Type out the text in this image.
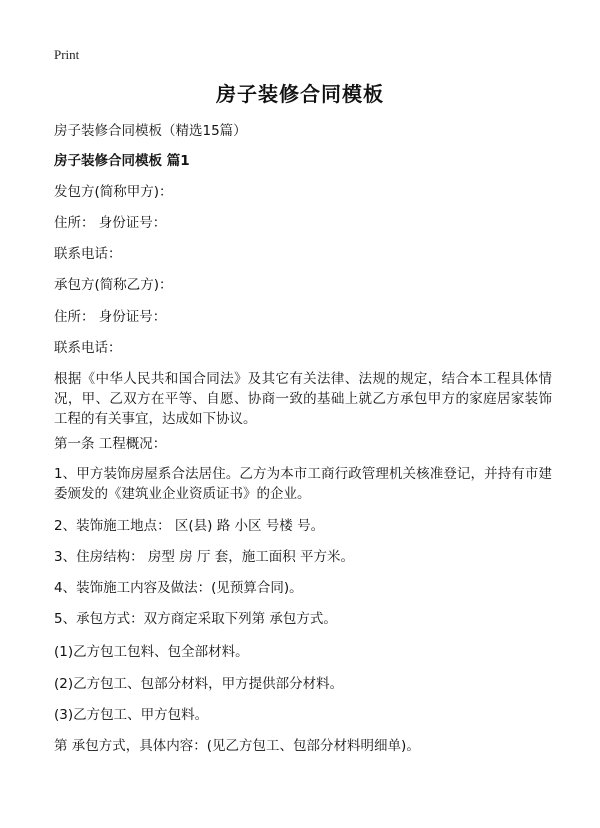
Print
房子装修合同模板
房子装修合同模板（精选15篇）
房子装修合同模板 篇1
发包方(简称甲方)：
住所： 身份证号：
联系电话：
承包方(简称乙方)：
住所： 身份证号：
联系电话：
根据《中华人民共和国合同法》及其它有关法律、法规的规定，结合本工程具体情况，甲、乙双方在平等、自愿、协商一致的基础上就乙方承包甲方的家庭居家装饰工程的有关事宜，达成如下协议。
第一条 工程概况：
1、甲方装饰房屋系合法居住。乙方为本市工商行政管理机关核准登记，并持有市建委颁发的《建筑业企业资质证书》的企业。
2、装饰施工地点： 区(县) 路 小区 号楼 号。
3、住房结构： 房型 房 厅 套，施工面积 平方米。
4、装饰施工内容及做法：(见预算合同)。
5、承包方式：双方商定采取下列第 承包方式。
(1)乙方包工包料、包全部材料。
(2)乙方包工、包部分材料，甲方提供部分材料。
(3)乙方包工、甲方包料。
第 承包方式，具体内容：(见乙方包工、包部分材料明细单)。
